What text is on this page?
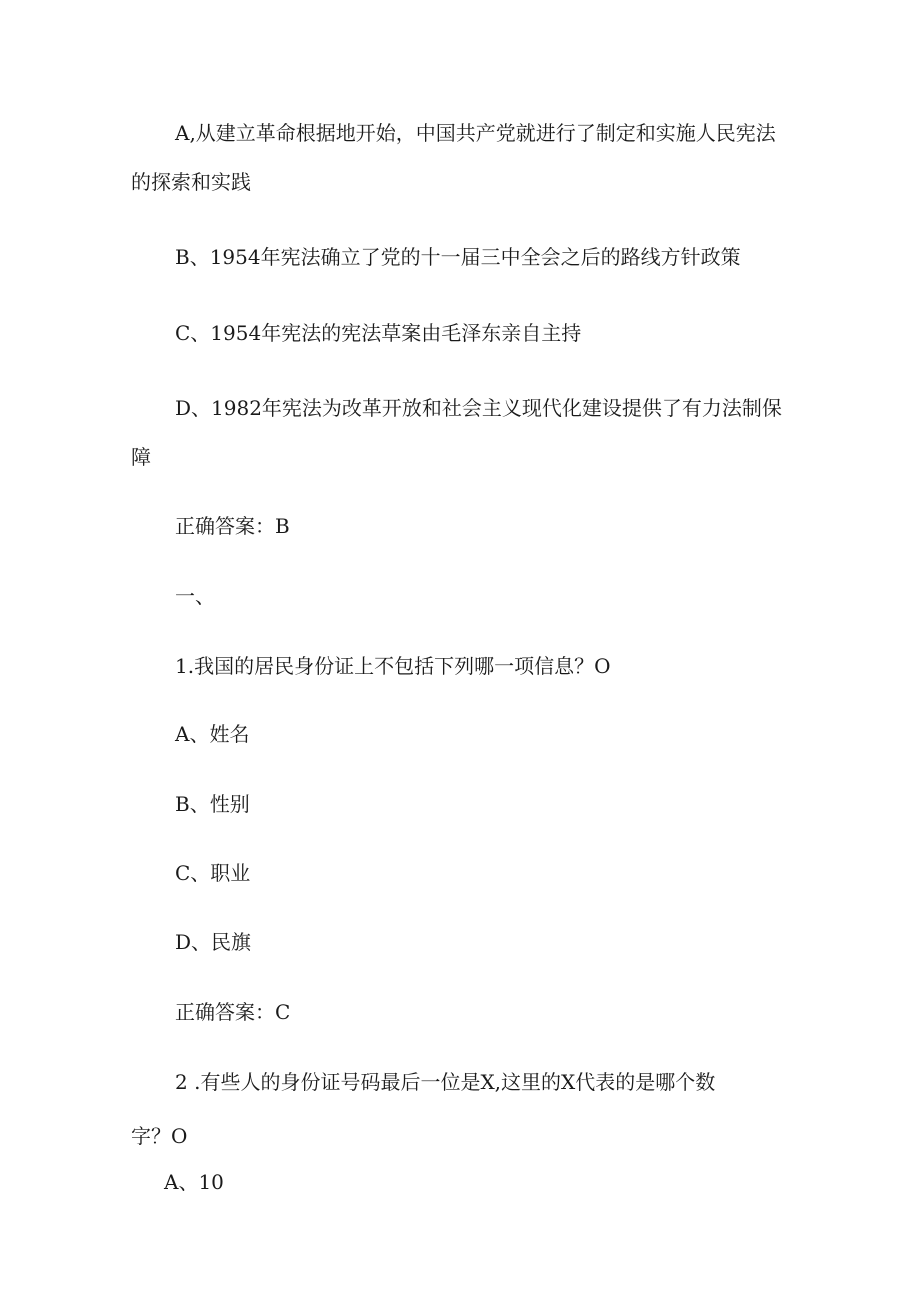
A,从建立革命根据地开始，中国共产党就进行了制定和实施人民宪法
的探索和实践
B、1954年宪法确立了党的十一届三中全会之后的路线方针政策
C、1954年宪法的宪法草案由毛泽东亲自主持
D、1982年宪法为改革开放和社会主义现代化建设提供了有力法制保
障
正确答案：B
一、
1.我国的居民身份证上不包括下列哪一项信息？O
A、姓名
B、性别
C、职业
D、民旗
正确答案：C
2 .有些人的身份证号码最后一位是X,这里的X代表的是哪个数
字？O
A、10
